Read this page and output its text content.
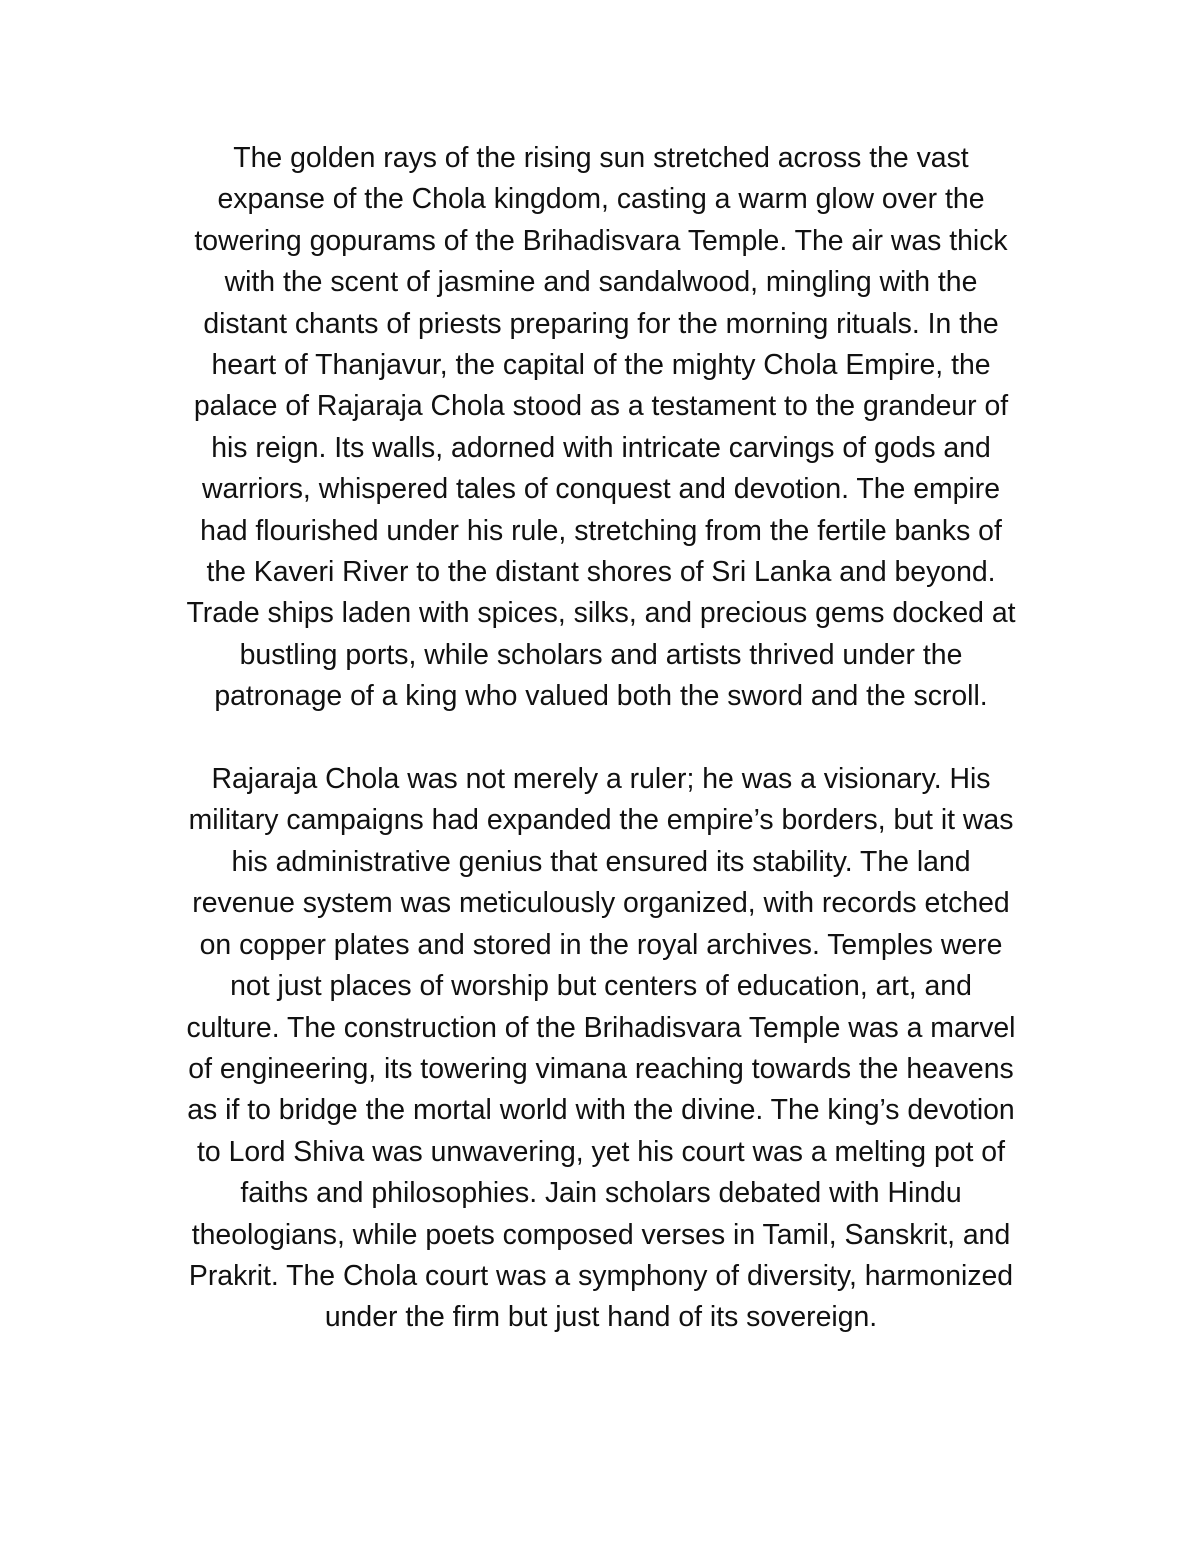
The golden rays of the rising sun stretched across the vast
expanse of the Chola kingdom, casting a warm glow over the
towering gopurams of the Brihadisvara Temple. The air was thick
with the scent of jasmine and sandalwood, mingling with the
distant chants of priests preparing for the morning rituals. In the
heart of Thanjavur, the capital of the mighty Chola Empire, the
palace of Rajaraja Chola stood as a testament to the grandeur of
his reign. Its walls, adorned with intricate carvings of gods and
warriors, whispered tales of conquest and devotion. The empire
had flourished under his rule, stretching from the fertile banks of
the Kaveri River to the distant shores of Sri Lanka and beyond.
Trade ships laden with spices, silks, and precious gems docked at
bustling ports, while scholars and artists thrived under the
patronage of a king who valued both the sword and the scroll.

Rajaraja Chola was not merely a ruler; he was a visionary. His
military campaigns had expanded the empire’s borders, but it was
his administrative genius that ensured its stability. The land
revenue system was meticulously organized, with records etched
on copper plates and stored in the royal archives. Temples were
not just places of worship but centers of education, art, and
culture. The construction of the Brihadisvara Temple was a marvel
of engineering, its towering vimana reaching towards the heavens
as if to bridge the mortal world with the divine. The king’s devotion
to Lord Shiva was unwavering, yet his court was a melting pot of
faiths and philosophies. Jain scholars debated with Hindu
theologians, while poets composed verses in Tamil, Sanskrit, and
Prakrit. The Chola court was a symphony of diversity, harmonized
under the firm but just hand of its sovereign.
